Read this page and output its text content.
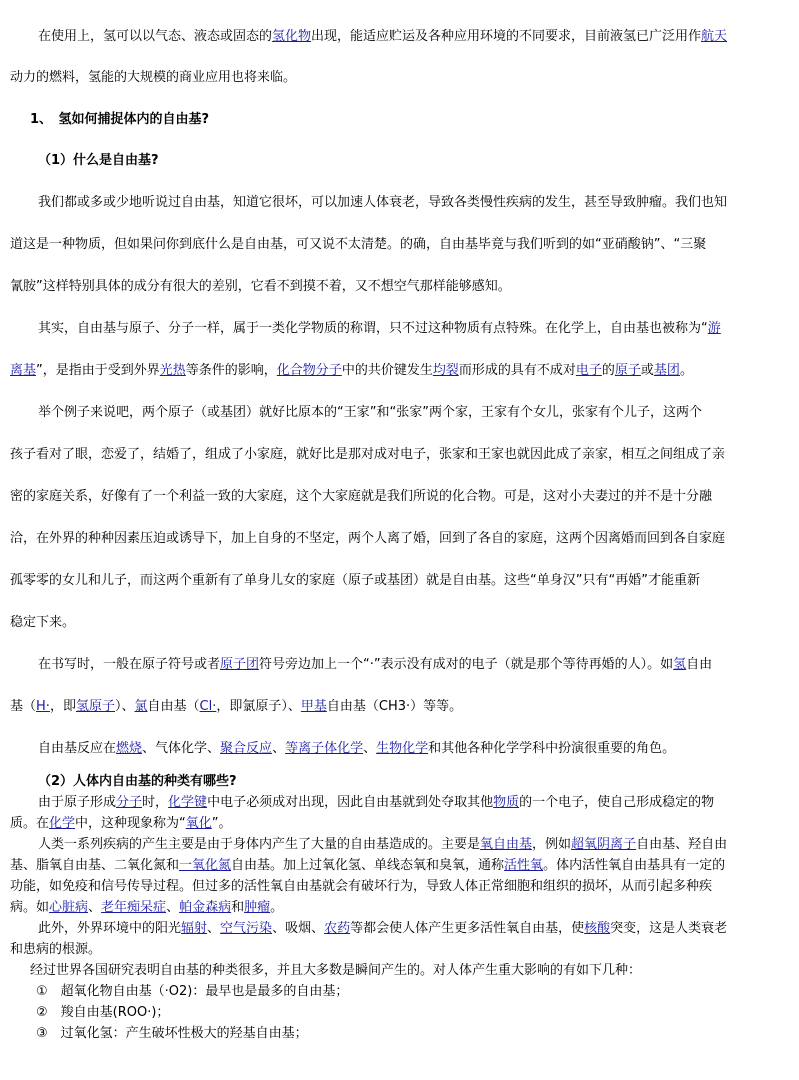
在使用上，氢可以以气态、液态或固态的氢化物出现，能适应贮运及各种应用环境的不同要求，目前液氢已广泛用作航天

动力的燃料，氢能的大规模的商业应用也将来临。

1、　氢如何捕捉体内的自由基?

（1）什么是自由基?

我们都或多或少地听说过自由基，知道它很坏，可以加速人体衰老，导致各类慢性疾病的发生，甚至导致肿瘤。我们也知

道这是一种物质，但如果问你到底什么是自由基，可又说不太清楚。的确，自由基毕竟与我们听到的如“亚硝酸钠”、“三聚

氰胺”这样特别具体的成分有很大的差别，它看不到摸不着，又不想空气那样能够感知。

其实，自由基与原子、分子一样，属于一类化学物质的称谓，只不过这种物质有点特殊。在化学上，自由基也被称为“游

离基”，是指由于受到外界光热等条件的影响，化合物分子中的共价键发生均裂而形成的具有不成对电子的原子或基团。

举个例子来说吧，两个原子（或基团）就好比原本的“王家”和“张家”两个家，王家有个女儿，张家有个儿子，这两个

孩子看对了眼，恋爱了，结婚了，组成了小家庭，就好比是那对成对电子，张家和王家也就因此成了亲家，相互之间组成了亲

密的家庭关系，好像有了一个利益一致的大家庭，这个大家庭就是我们所说的化合物。可是，这对小夫妻过的并不是十分融

洽，在外界的种种因素压迫或诱导下，加上自身的不坚定，两个人离了婚，回到了各自的家庭，这两个因离婚而回到各自家庭

孤零零的女儿和儿子，而这两个重新有了单身儿女的家庭（原子或基团）就是自由基。这些“单身汉”只有“再婚”才能重新

稳定下来。

在书写时，一般在原子符号或者原子团符号旁边加上一个“·”表示没有成对的电子（就是那个等待再婚的人）。如氢自由

基（H·，即氢原子）、氯自由基（Cl·，即氯原子）、甲基自由基（CH3·）等等。

自由基反应在燃烧、气体化学、聚合反应、等离子体化学、生物化学和其他各种化学学科中扮演很重要的角色。

（2）人体内自由基的种类有哪些?

由于原子形成分子时，化学键中电子必须成对出现，因此自由基就到处夺取其他物质的一个电子，使自己形成稳定的物

质。在化学中，这种现象称为“氧化”。

人类一系列疾病的产生主要是由于身体内产生了大量的自由基造成的。主要是氧自由基，例如超氧阴离子自由基、羟自由

基、脂氧自由基、二氧化氮和一氧化氮自由基。加上过氧化氢、单线态氧和臭氧，通称活性氧。体内活性氧自由基具有一定的

功能，如免疫和信号传导过程。但过多的活性氧自由基就会有破坏行为，导致人体正常细胞和组织的损坏，从而引起多种疾

病。如心脏病、老年痴呆症、帕金森病和肿瘤。

此外，外界环境中的阳光辐射、空气污染、吸烟、农药等都会使人体产生更多活性氧自由基，使核酸突变，这是人类衰老

和患病的根源。

经过世界各国研究表明自由基的种类很多，并且大多数是瞬间产生的。对人体产生重大影响的有如下几种：

①　超氧化物自由基（·O2)：最早也是最多的自由基；

②　羧自由基(ROO·)；

③　过氧化氢：产生破坏性极大的羟基自由基；
